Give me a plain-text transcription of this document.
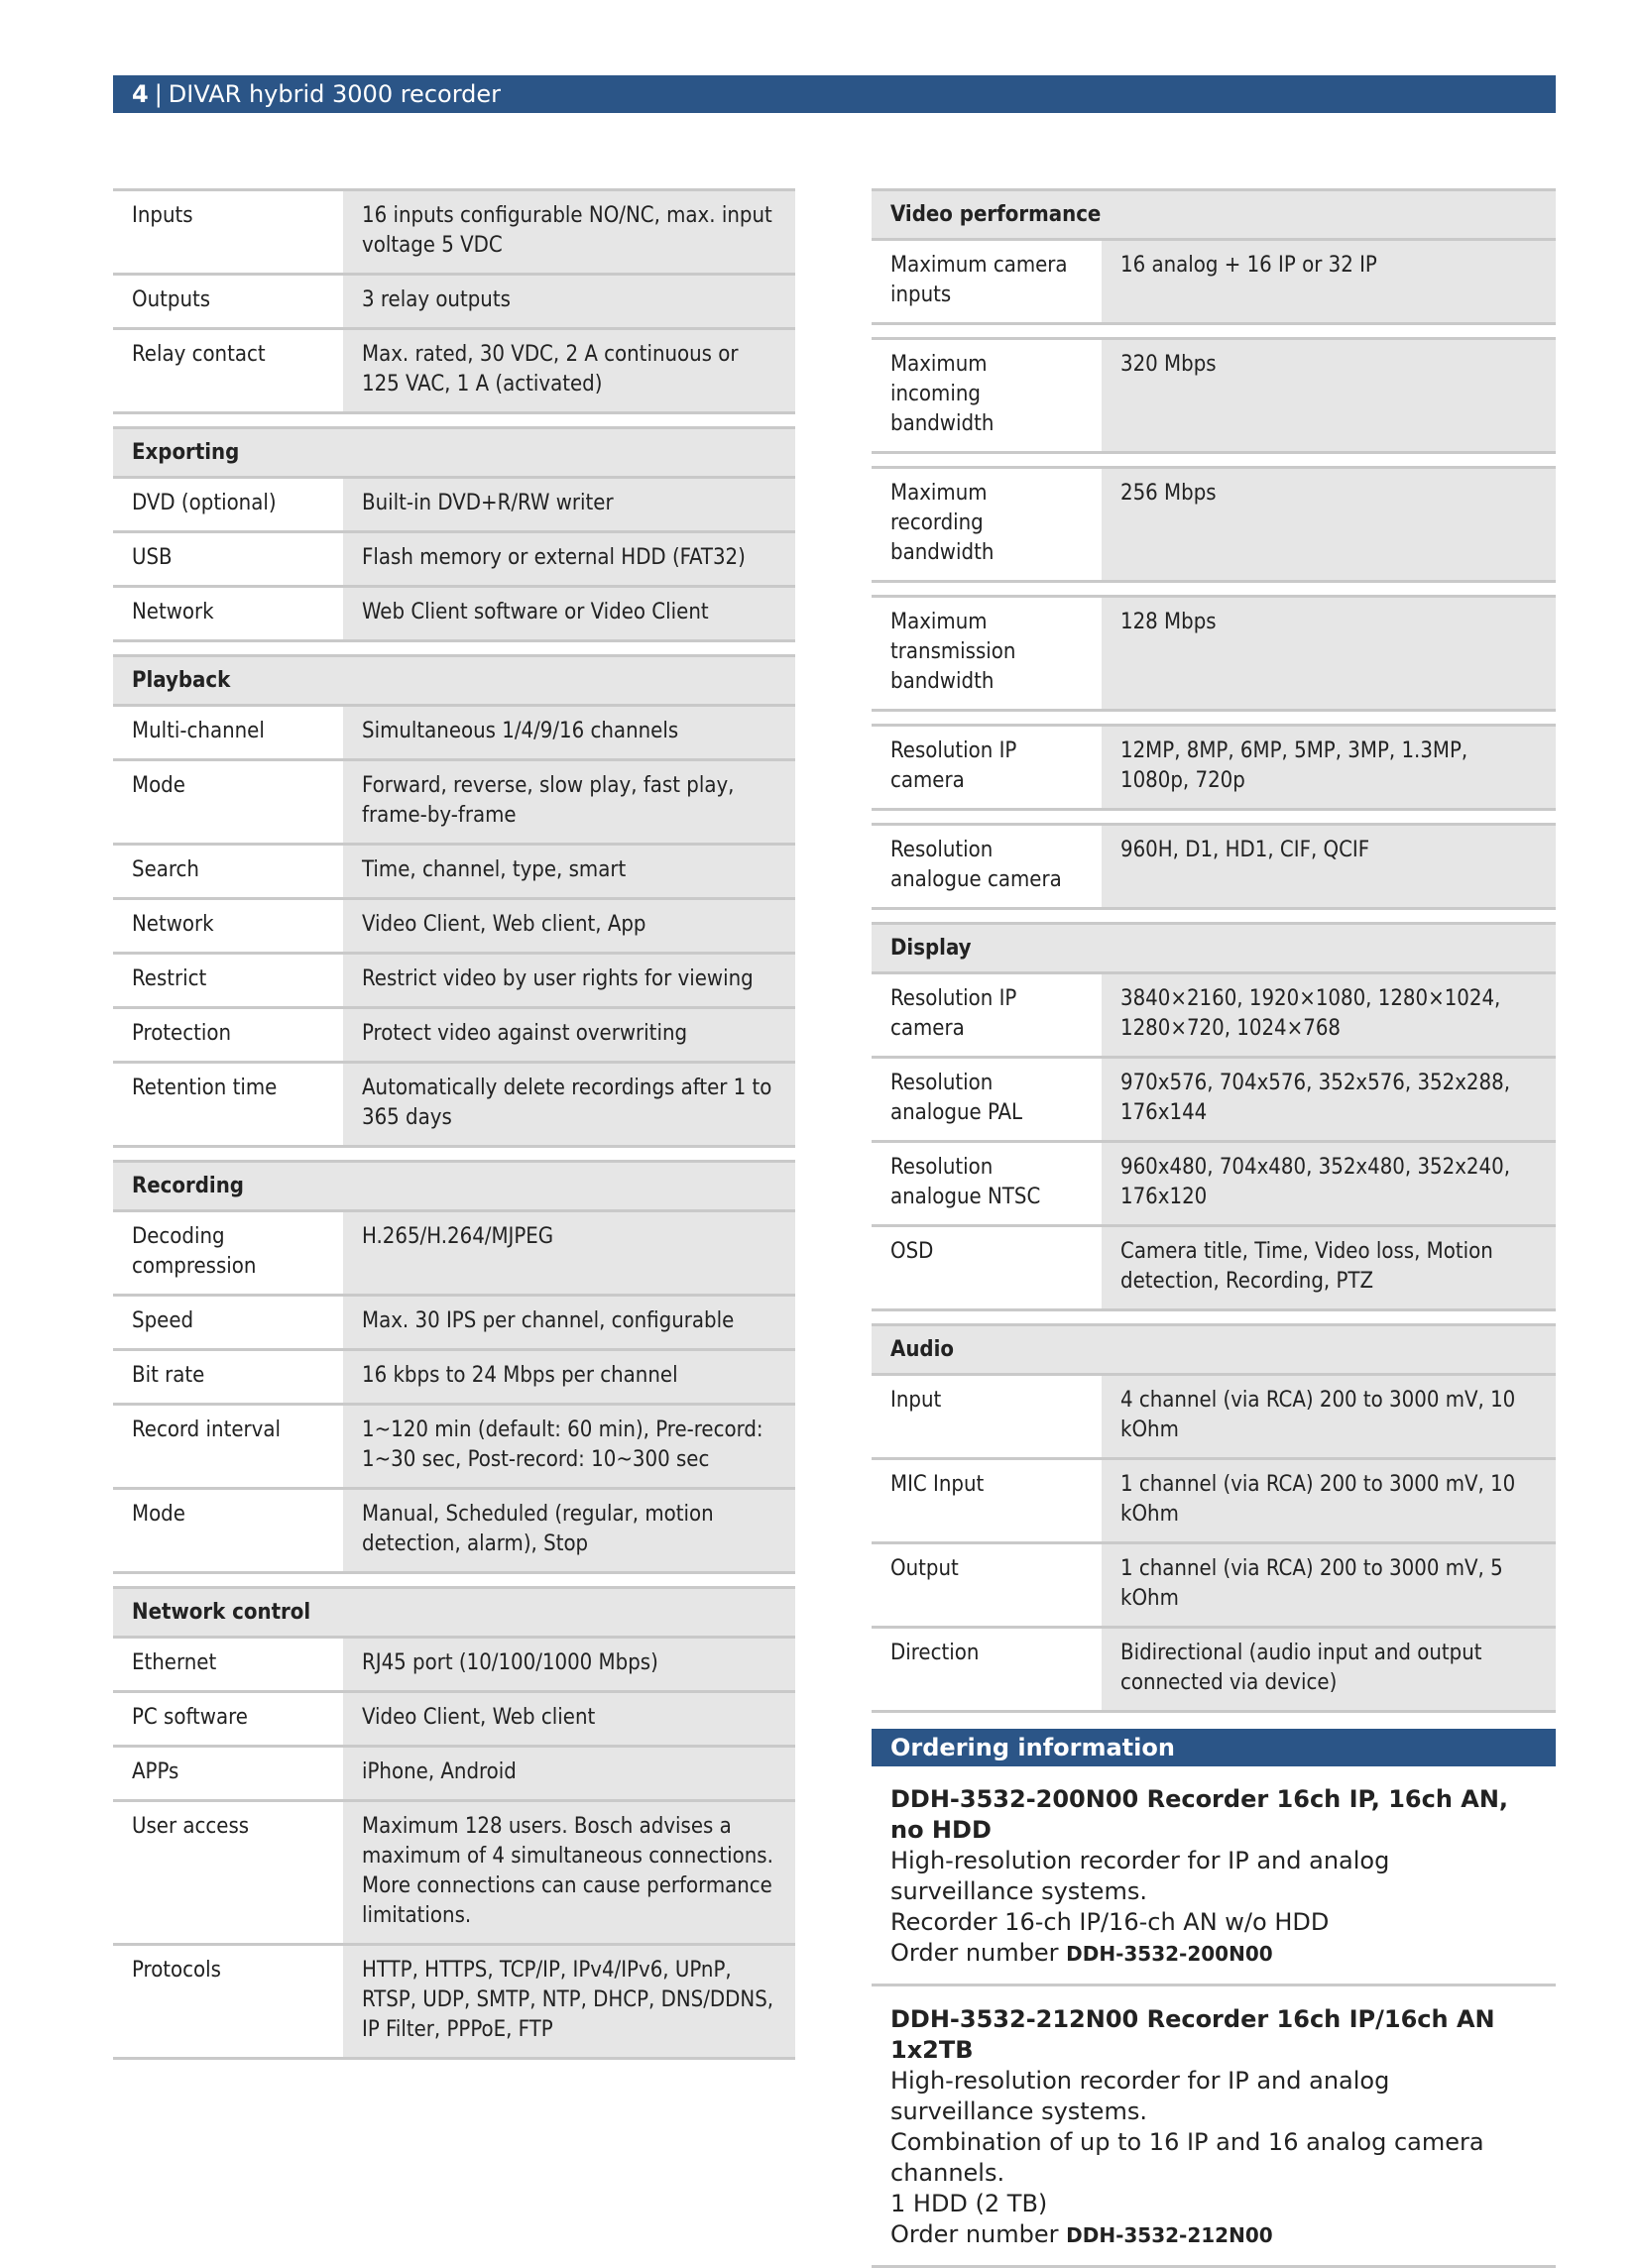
4 | DIVAR hybrid 3000 recorder
Inputs	16 inputs configurable NO/NC, max. input voltage 5 VDC
Outputs	3 relay outputs
Relay contact	Max. rated, 30 VDC, 2 A continuous or 125 VAC, 1 A (activated)

Exporting	
DVD (optional)	Built-in DVD+R/RW writer
USB	Flash memory or external HDD (FAT32)
Network	Web Client software or Video Client

Playback	
Multi-channel	Simultaneous 1/4/9/16 channels
Mode	Forward, reverse, slow play, fast play, frame-by-frame
Search	Time, channel, type, smart
Network	Video Client, Web client, App
Restrict	Restrict video by user rights for viewing
Protection	Protect video against overwriting
Retention time	Automatically delete recordings after 1 to 365 days

Recording	
Decoding compression	H.265/H.264/MJPEG
Speed	Max. 30 IPS per channel, configurable
Bit rate	16 kbps to 24 Mbps per channel
Record interval	1~120 min (default: 60 min), Pre-record: 1~30 sec, Post-record: 10~300 sec
Mode	Manual, Scheduled (regular, motion detection, alarm), Stop

Network control	
Ethernet	RJ45 port (10/100/1000 Mbps)
PC software	Video Client, Web client
APPs	iPhone, Android
User access	Maximum 128 users. Bosch advises a maximum of 4 simultaneous connections. More connections can cause performance limitations.
Protocols	HTTP, HTTPS, TCP/IP, IPv4/IPv6, UPnP, RTSP, UDP, SMTP, NTP, DHCP, DNS/DDNS, IP Filter, PPPoE, FTP

Video performance	
Maximum camera inputs	16 analog + 16 IP or 32 IP

Maximum incoming bandwidth	320 Mbps

Maximum recording bandwidth	256 Mbps

Maximum transmission bandwidth	128 Mbps

Resolution IP camera	12MP, 8MP, 6MP, 5MP, 3MP, 1.3MP, 1080p, 720p

Resolution analogue camera	960H, D1, HD1, CIF, QCIF

Display	
Resolution IP camera	3840×2160, 1920×1080, 1280×1024, 1280×720, 1024×768
Resolution analogue PAL	970x576, 704x576, 352x576, 352x288, 176x144
Resolution analogue NTSC	960x480, 704x480, 352x480, 352x240, 176x120
OSD	Camera title, Time, Video loss, Motion detection, Recording, PTZ

Audio	
Input	4 channel (via RCA) 200 to 3000 mV, 10 kOhm
MIC Input	1 channel (via RCA) 200 to 3000 mV, 10 kOhm
Output	1 channel (via RCA) 200 to 3000 mV, 5 kOhm
Direction	Bidirectional (audio input and output connected via device)

Ordering information
DDH-3532-200N00 Recorder 16ch IP, 16ch AN, no HDD
High-resolution recorder for IP and analog surveillance systems.
Recorder 16-ch IP/16-ch AN w/o HDD
Order number DDH-3532-200N00
DDH-3532-212N00 Recorder 16ch IP/16ch AN 1x2TB
High-resolution recorder for IP and analog surveillance systems.
Combination of up to 16 IP and 16 analog camera channels.
1 HDD (2 TB)
Order number DDH-3532-212N00
